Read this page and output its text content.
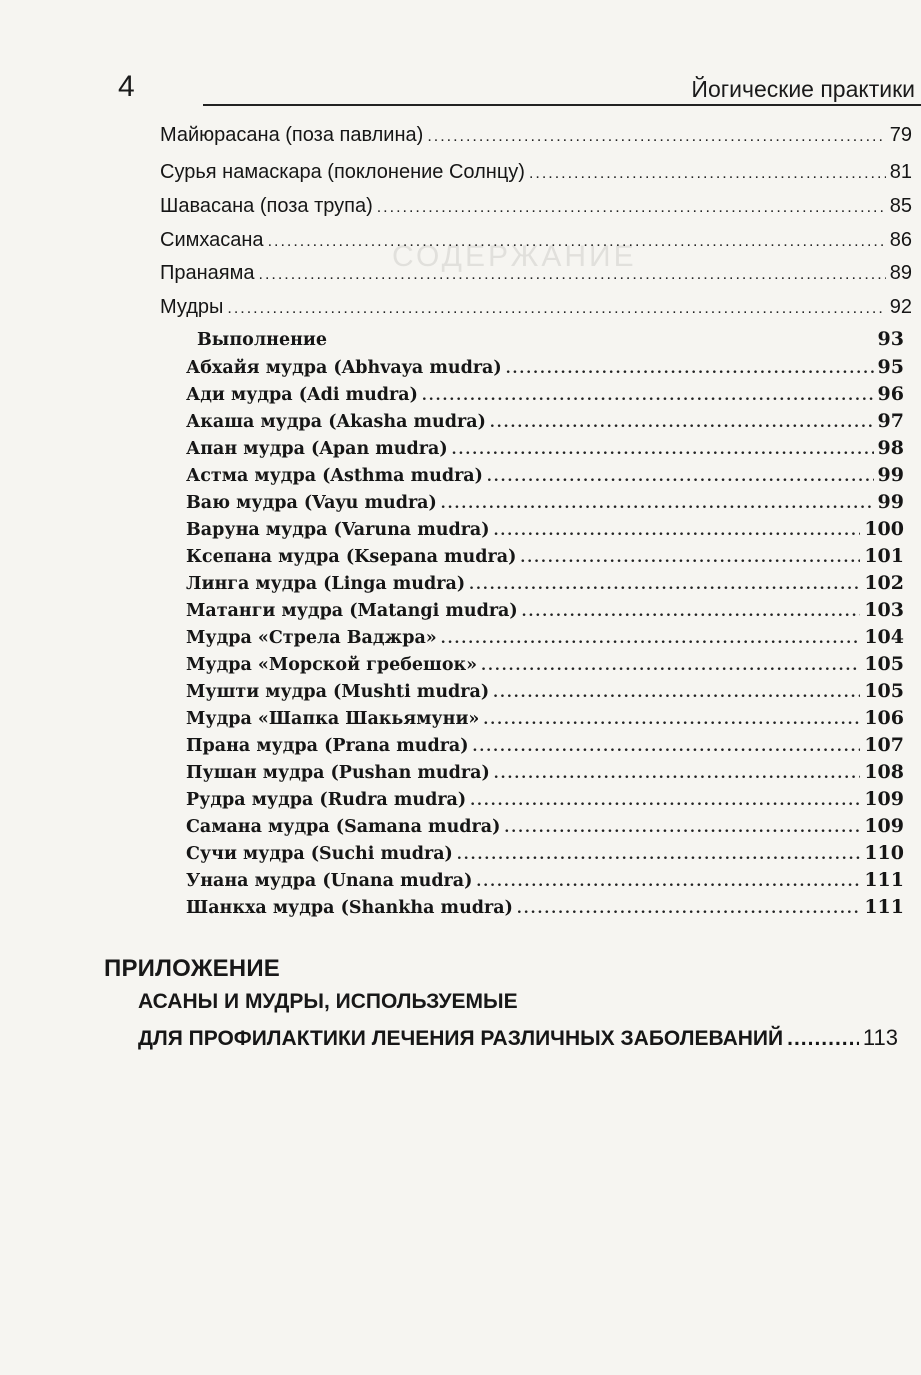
СОДЕРЖАНИЕ
4	Йогические практики
Майюрасана (поза павлина) .....	79
Сурья намаскара (поклонение Солнцу) .....	81
Шавасана (поза трупа) .....	85
Симхасана .....	86
Пранаяма .....	89
Мудры .....	92
Выполнение	93
Абхайя мудра (Abhvaya mudra) .....	95
Ади мудра (Adi mudra) .....	96
Акаша мудра (Akasha mudra) .....	97
Апан мудра (Apan mudra) .....	98
Астма мудра (Asthma mudra) .....	99
Ваю мудра (Vayu mudra) .....	99
Варуна мудра (Varuna mudra) .....	100
Ксепана мудра (Ksepana mudra) .....	101
Линга мудра (Linga mudra) .....	102
Матанги мудра (Matangi mudra) .....	103
Мудра «Стрела Ваджра» .....	104
Мудра «Морской гребешок» .....	105
Мушти мудра (Mushti mudra) .....	105
Мудра «Шапка Шакьямуни» .....	106
Прана мудра (Prana mudra) .....	107
Пушан мудра (Pushan mudra) .....	108
Рудра мудра (Rudra mudra) .....	109
Самана мудра (Samana mudra) .....	109
Сучи мудра (Suchi mudra) .....	110
Унана мудра (Unana mudra) .....	111
Шанкха мудра (Shankha mudra) .....	111
ПРИЛОЖЕНИЕ
АСАНЫ И МУДРЫ, ИСПОЛЬЗУЕМЫЕ
ДЛЯ ПРОФИЛАКТИКИ ЛЕЧЕНИЯ РАЗЛИЧНЫХ ЗАБОЛЕВАНИЙ .....	113
